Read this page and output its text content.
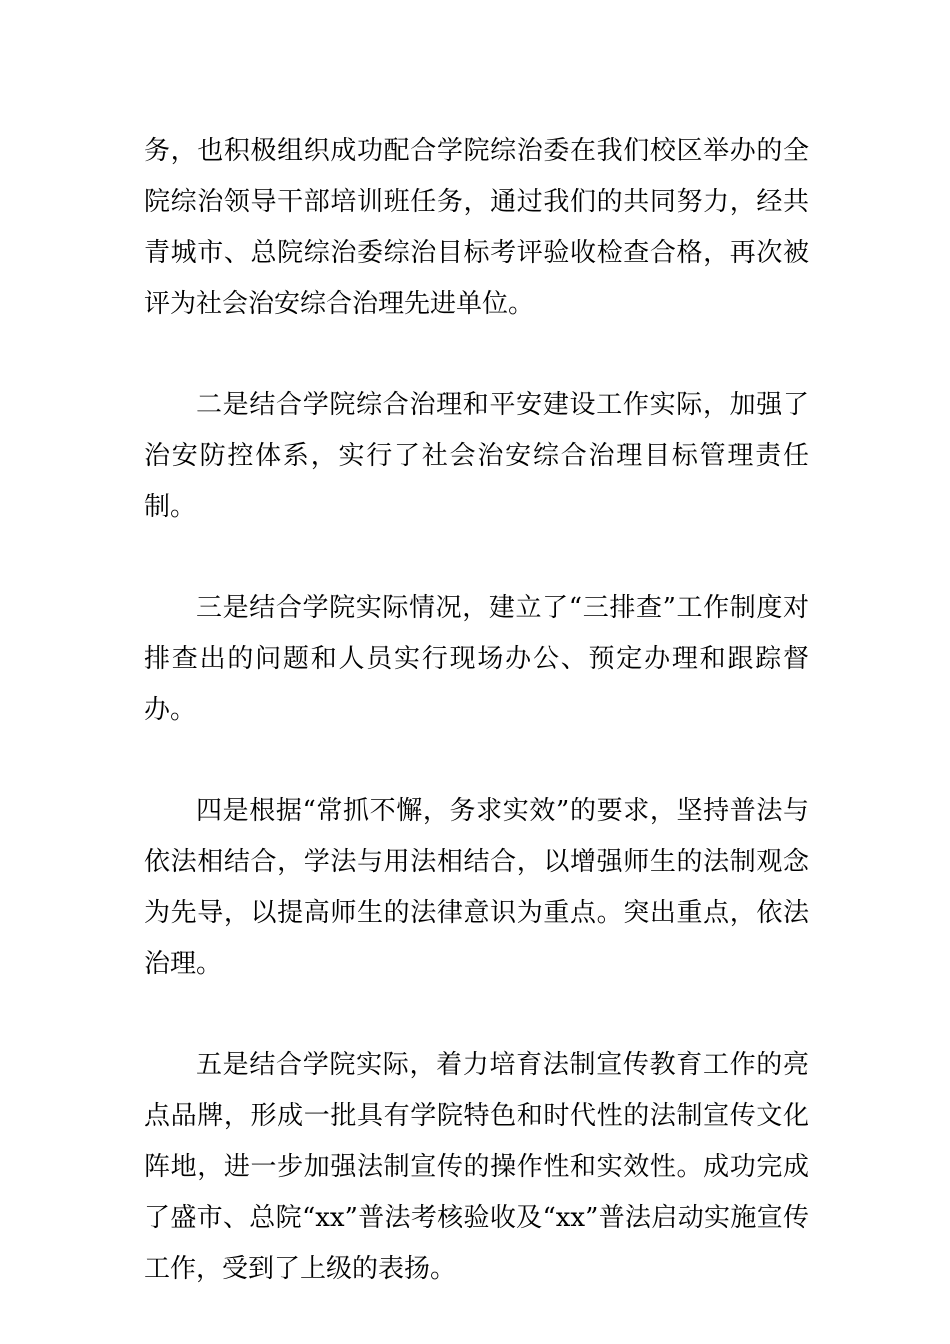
务，也积极组织成功配合学院综治委在我们校区举办的全院综治领导干部培训班任务，通过我们的共同努力，经共青城市、总院综治委综治目标考评验收检查合格，再次被评为社会治安综合治理先进单位。

二是结合学院综合治理和平安建设工作实际，加强了治安防控体系，实行了社会治安综合治理目标管理责任制。

三是结合学院实际情况，建立了“三排查”工作制度对排查出的问题和人员实行现场办公、预定办理和跟踪督办。

四是根据“常抓不懈，务求实效”的要求，坚持普法与依法相结合，学法与用法相结合，以增强师生的法制观念为先导，以提高师生的法律意识为重点。突出重点，依法治理。

五是结合学院实际，着力培育法制宣传教育工作的亮点品牌，形成一批具有学院特色和时代性的法制宣传文化阵地，进一步加强法制宣传的操作性和实效性。成功完成了盛市、总院“xx”普法考核验收及“xx”普法启动实施宣传工作，受到了上级的表扬。
